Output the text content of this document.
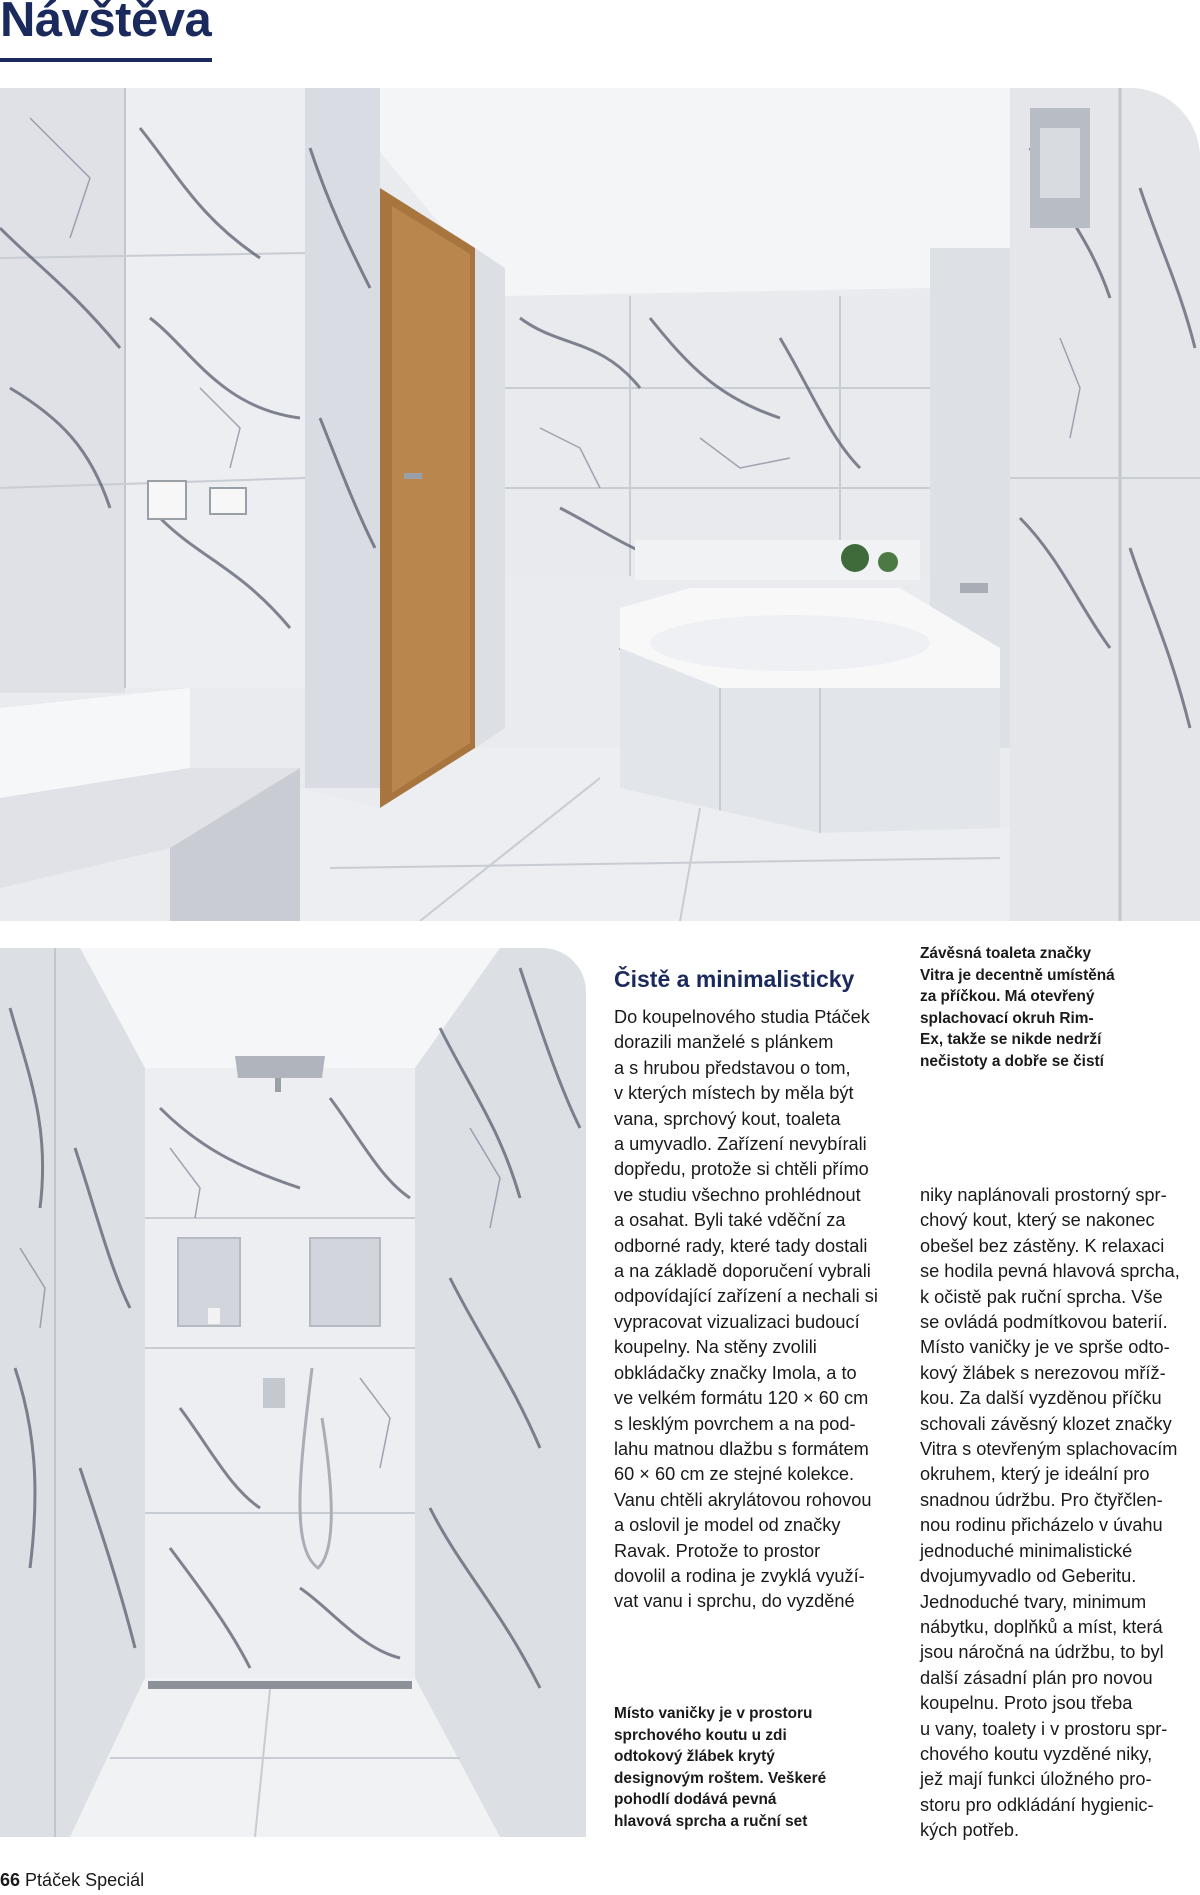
Návštěva
Čistě a minimalisticky

Do koupelnového studia Ptáček
dorazili manželé s plánkem
a s hrubou představou o tom,
v kterých místech by měla být
vana, sprchový kout, toaleta
a umyvadlo. Zařízení nevybírali
dopředu, protože si chtěli přímo
ve studiu všechno prohlédnout
a osahat. Byli také vděční za
odborné rady, které tady dostali
a na základě doporučení vybrali
odpovídající zařízení a nechali si
vypracovat vizualizaci budoucí
koupelny. Na stěny zvolili
obkládačky značky Imola, a to
ve velkém formátu 120 × 60 cm
s lesklým povrchem a na pod-
lahu matnou dlažbu s formátem
60 × 60 cm ze stejné kolekce.
Vanu chtěli akrylátovou rohovou
a oslovil je model od značky
Ravak. Protože to prostor
dovolil a rodina je zvyklá využí-
vat vanu i sprchu, do vyzděné

niky naplánovali prostorný spr-
chový kout, který se nakonec
obešel bez zástěny. K relaxaci
se hodila pevná hlavová sprcha,
k očistě pak ruční sprcha. Vše
se ovládá podmítkovou baterií.
Místo vaničky je ve sprše odto-
kový žlábek s nerezovou mříž-
kou. Za další vyzděnou příčku
schovali závěsný klozet značky
Vitra s otevřeným splachovacím
okruhem, který je ideální pro
snadnou údržbu. Pro čtyřčlen-
nou rodinu přicházelo v úvahu
jednoduché minimalistické
dvojumyvadlo od Geberitu.
Jednoduché tvary, minimum
nábytku, doplňků a míst, která
jsou náročná na údržbu, to byl
další zásadní plán pro novou
koupelnu. Proto jsou třeba
u vany, toalety i v prostoru spr-
chového koutu vyzděné niky,
jež mají funkci úložného pro-
storu pro odkládání hygienic-
kých potřeb.

Závěsná toaleta značky
Vitra je decentně umístěná
za příčkou. Má otevřený
splachovací okruh Rim-
Ex, takže se nikde nedrží
nečistoty a dobře se čistí

Místo vaničky je v prostoru
sprchového koutu u zdi
odtokový žlábek krytý
designovým roštem. Veškeré
pohodlí dodává pevná
hlavová sprcha a ruční set

66 Ptáček Speciál
